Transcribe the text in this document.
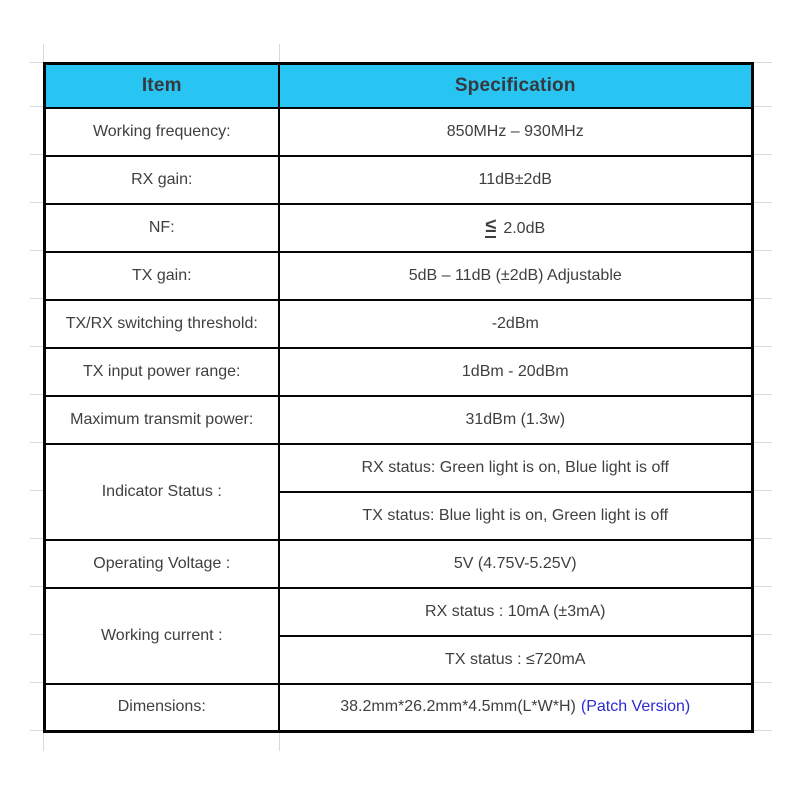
Item	Specification
Working frequency:	850MHz – 930MHz
RX gain:	11dB±2dB
NF:	≤ 2.0dB
TX gain:	5dB – 11dB (±2dB) Adjustable
TX/RX switching threshold:	-2dBm
TX input power range:	1dBm - 20dBm
Maximum transmit power:	31dBm (1.3w)
Indicator Status :	RX status: Green light is on, Blue light is off
	TX status: Blue light is on, Green light is off
Operating Voltage :	5V (4.75V-5.25V)
Working current :	RX status : 10mA (±3mA)
	TX status : ≤720mA
Dimensions:	38.2mm*26.2mm*4.5mm(L*W*H) (Patch Version)
